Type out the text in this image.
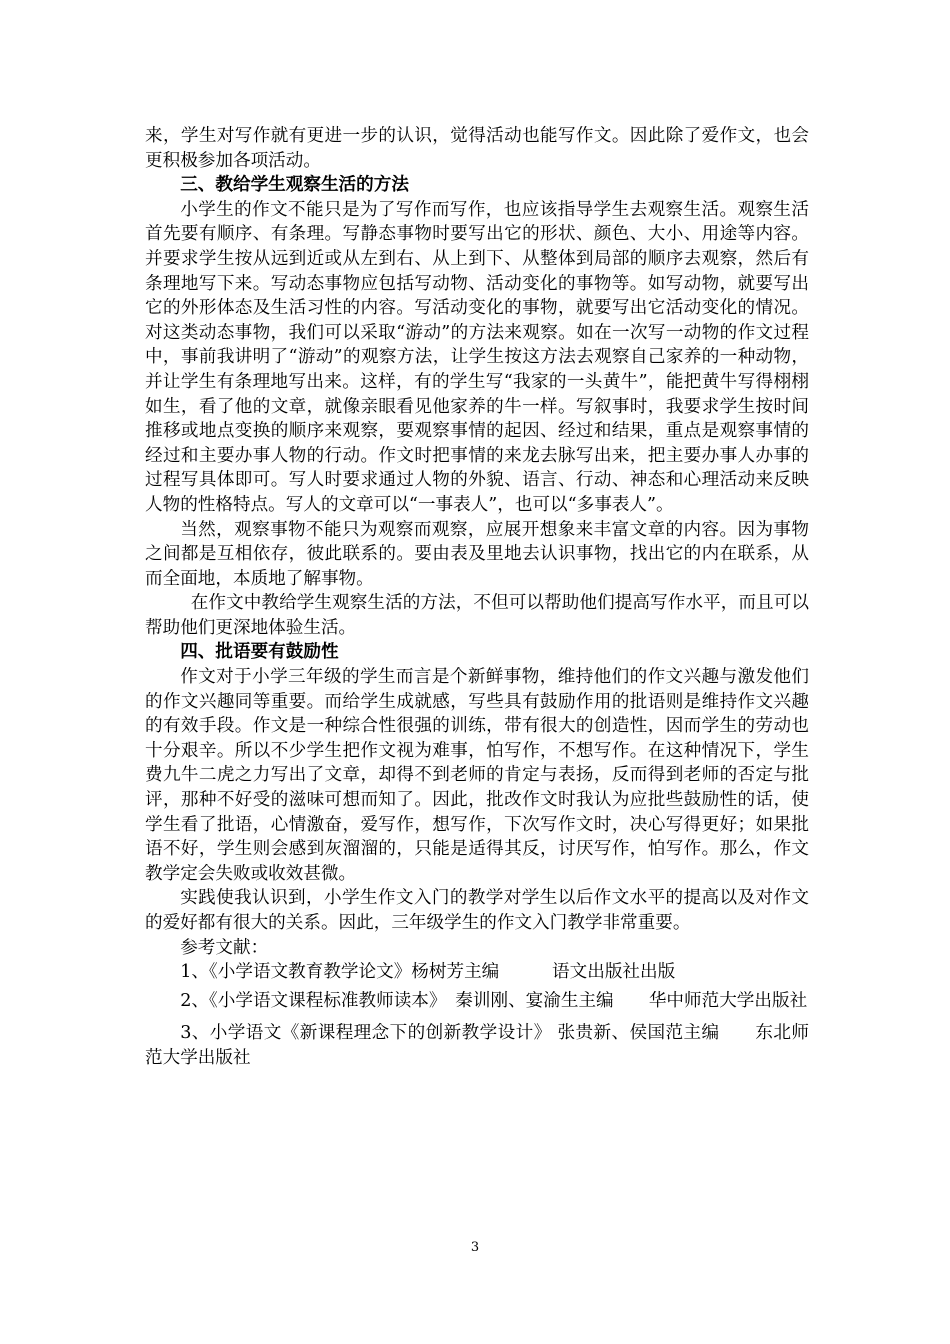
来，学生对写作就有更进一步的认识，觉得活动也能写作文。因此除了爱作文，也会更积极参加各项活动。

三、教给学生观察生活的方法

小学生的作文不能只是为了写作而写作，也应该指导学生去观察生活。观察生活首先要有顺序、有条理。写静态事物时要写出它的形状、颜色、大小、用途等内容。并要求学生按从远到近或从左到右、从上到下、从整体到局部的顺序去观察，然后有条理地写下来。写动态事物应包括写动物、活动变化的事物等。如写动物，就要写出它的外形体态及生活习性的内容。写活动变化的事物，就要写出它活动变化的情况。对这类动态事物，我们可以采取“游动”的方法来观察。如在一次写一动物的作文过程中，事前我讲明了“游动”的观察方法，让学生按这方法去观察自己家养的一种动物，并让学生有条理地写出来。这样，有的学生写“我家的一头黄牛”，能把黄牛写得栩栩如生，看了他的文章，就像亲眼看见他家养的牛一样。写叙事时，我要求学生按时间推移或地点变换的顺序来观察，要观察事情的起因、经过和结果，重点是观察事情的经过和主要办事人物的行动。作文时把事情的来龙去脉写出来，把主要办事人办事的过程写具体即可。写人时要求通过人物的外貌、语言、行动、神态和心理活动来反映人物的性格特点。写人的文章可以“一事表人”，也可以“多事表人”。

当然，观察事物不能只为观察而观察，应展开想象来丰富文章的内容。因为事物之间都是互相依存，彼此联系的。要由表及里地去认识事物，找出它的内在联系，从而全面地，本质地了解事物。

在作文中教给学生观察生活的方法，不但可以帮助他们提高写作水平，而且可以帮助他们更深地体验生活。

四、批语要有鼓励性

作文对于小学三年级的学生而言是个新鲜事物，维持他们的作文兴趣与激发他们的作文兴趣同等重要。而给学生成就感，写些具有鼓励作用的批语则是维持作文兴趣的有效手段。作文是一种综合性很强的训练，带有很大的创造性，因而学生的劳动也十分艰辛。所以不少学生把作文视为难事，怕写作，不想写作。在这种情况下，学生费九牛二虎之力写出了文章，却得不到老师的肯定与表扬，反而得到老师的否定与批评，那种不好受的滋味可想而知了。因此，批改作文时我认为应批些鼓励性的话，使学生看了批语，心情激奋，爱写作，想写作，下次写作文时，决心写得更好；如果批语不好，学生则会感到灰溜溜的，只能是适得其反，讨厌写作，怕写作。那么，作文教学定会失败或收效甚微。

实践使我认识到，小学生作文入门的教学对学生以后作文水平的提高以及对作文的爱好都有很大的关系。因此，三年级学生的作文入门教学非常重要。

参考文献：

1、《小学语文教育教学论文》杨树芳主编　　　语文出版社出版

2、《小学语文课程标准教师读本》　秦训刚、宴渝生主编　　华中师范大学出版社

3、小学语文《新课程理念下的创新教学设计》 张贵新、侯国范主编　　东北师范大学出版社

3
